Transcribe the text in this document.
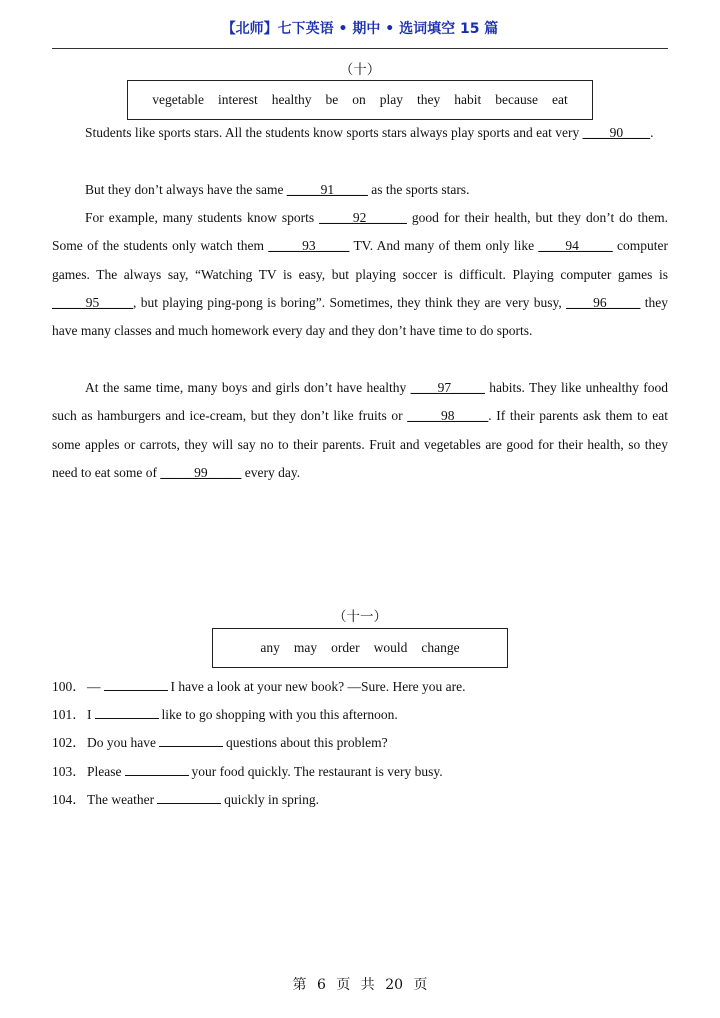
【北师】七下英语 • 期中 • 选词填空 15 篇
（十）
vegetable interest healthy be on play they habit because eat
Students like sports stars. All the students know sports stars always play sports and eat very ____90____.
But they don’t always have the same _____91_____ as the sports stars.
For example, many students know sports _____92______ good for their health, but they don’t do them. Some of the students only watch them _____93_____ TV. And many of them only like ____94_____ computer games. The always say, “Watching TV is easy, but playing soccer is difficult. Playing computer games is _____95_____, but playing ping-pong is boring”. Sometimes, they think they are very busy, ____96_____ they have many classes and much homework every day and they don’t have time to do sports.
At the same time, many boys and girls don’t have healthy ____97_____ habits. They like unhealthy food such as hamburgers and ice-cream, but they don’t like fruits or _____98_____. If their parents ask them to eat some apples or carrots, they will say no to their parents. Fruit and vegetables are good for their health, so they need to eat some of _____99_____ every day.
（十一）
any may order would change
100．—	I have a look at your new book? —Sure. Here you are.
101．I	like to go shopping with you this afternoon.
102．Do you have	questions about this problem?
103．Please	your food quickly. The restaurant is very busy.
104．The weather	quickly in spring.
第 6 页 共 20 页
